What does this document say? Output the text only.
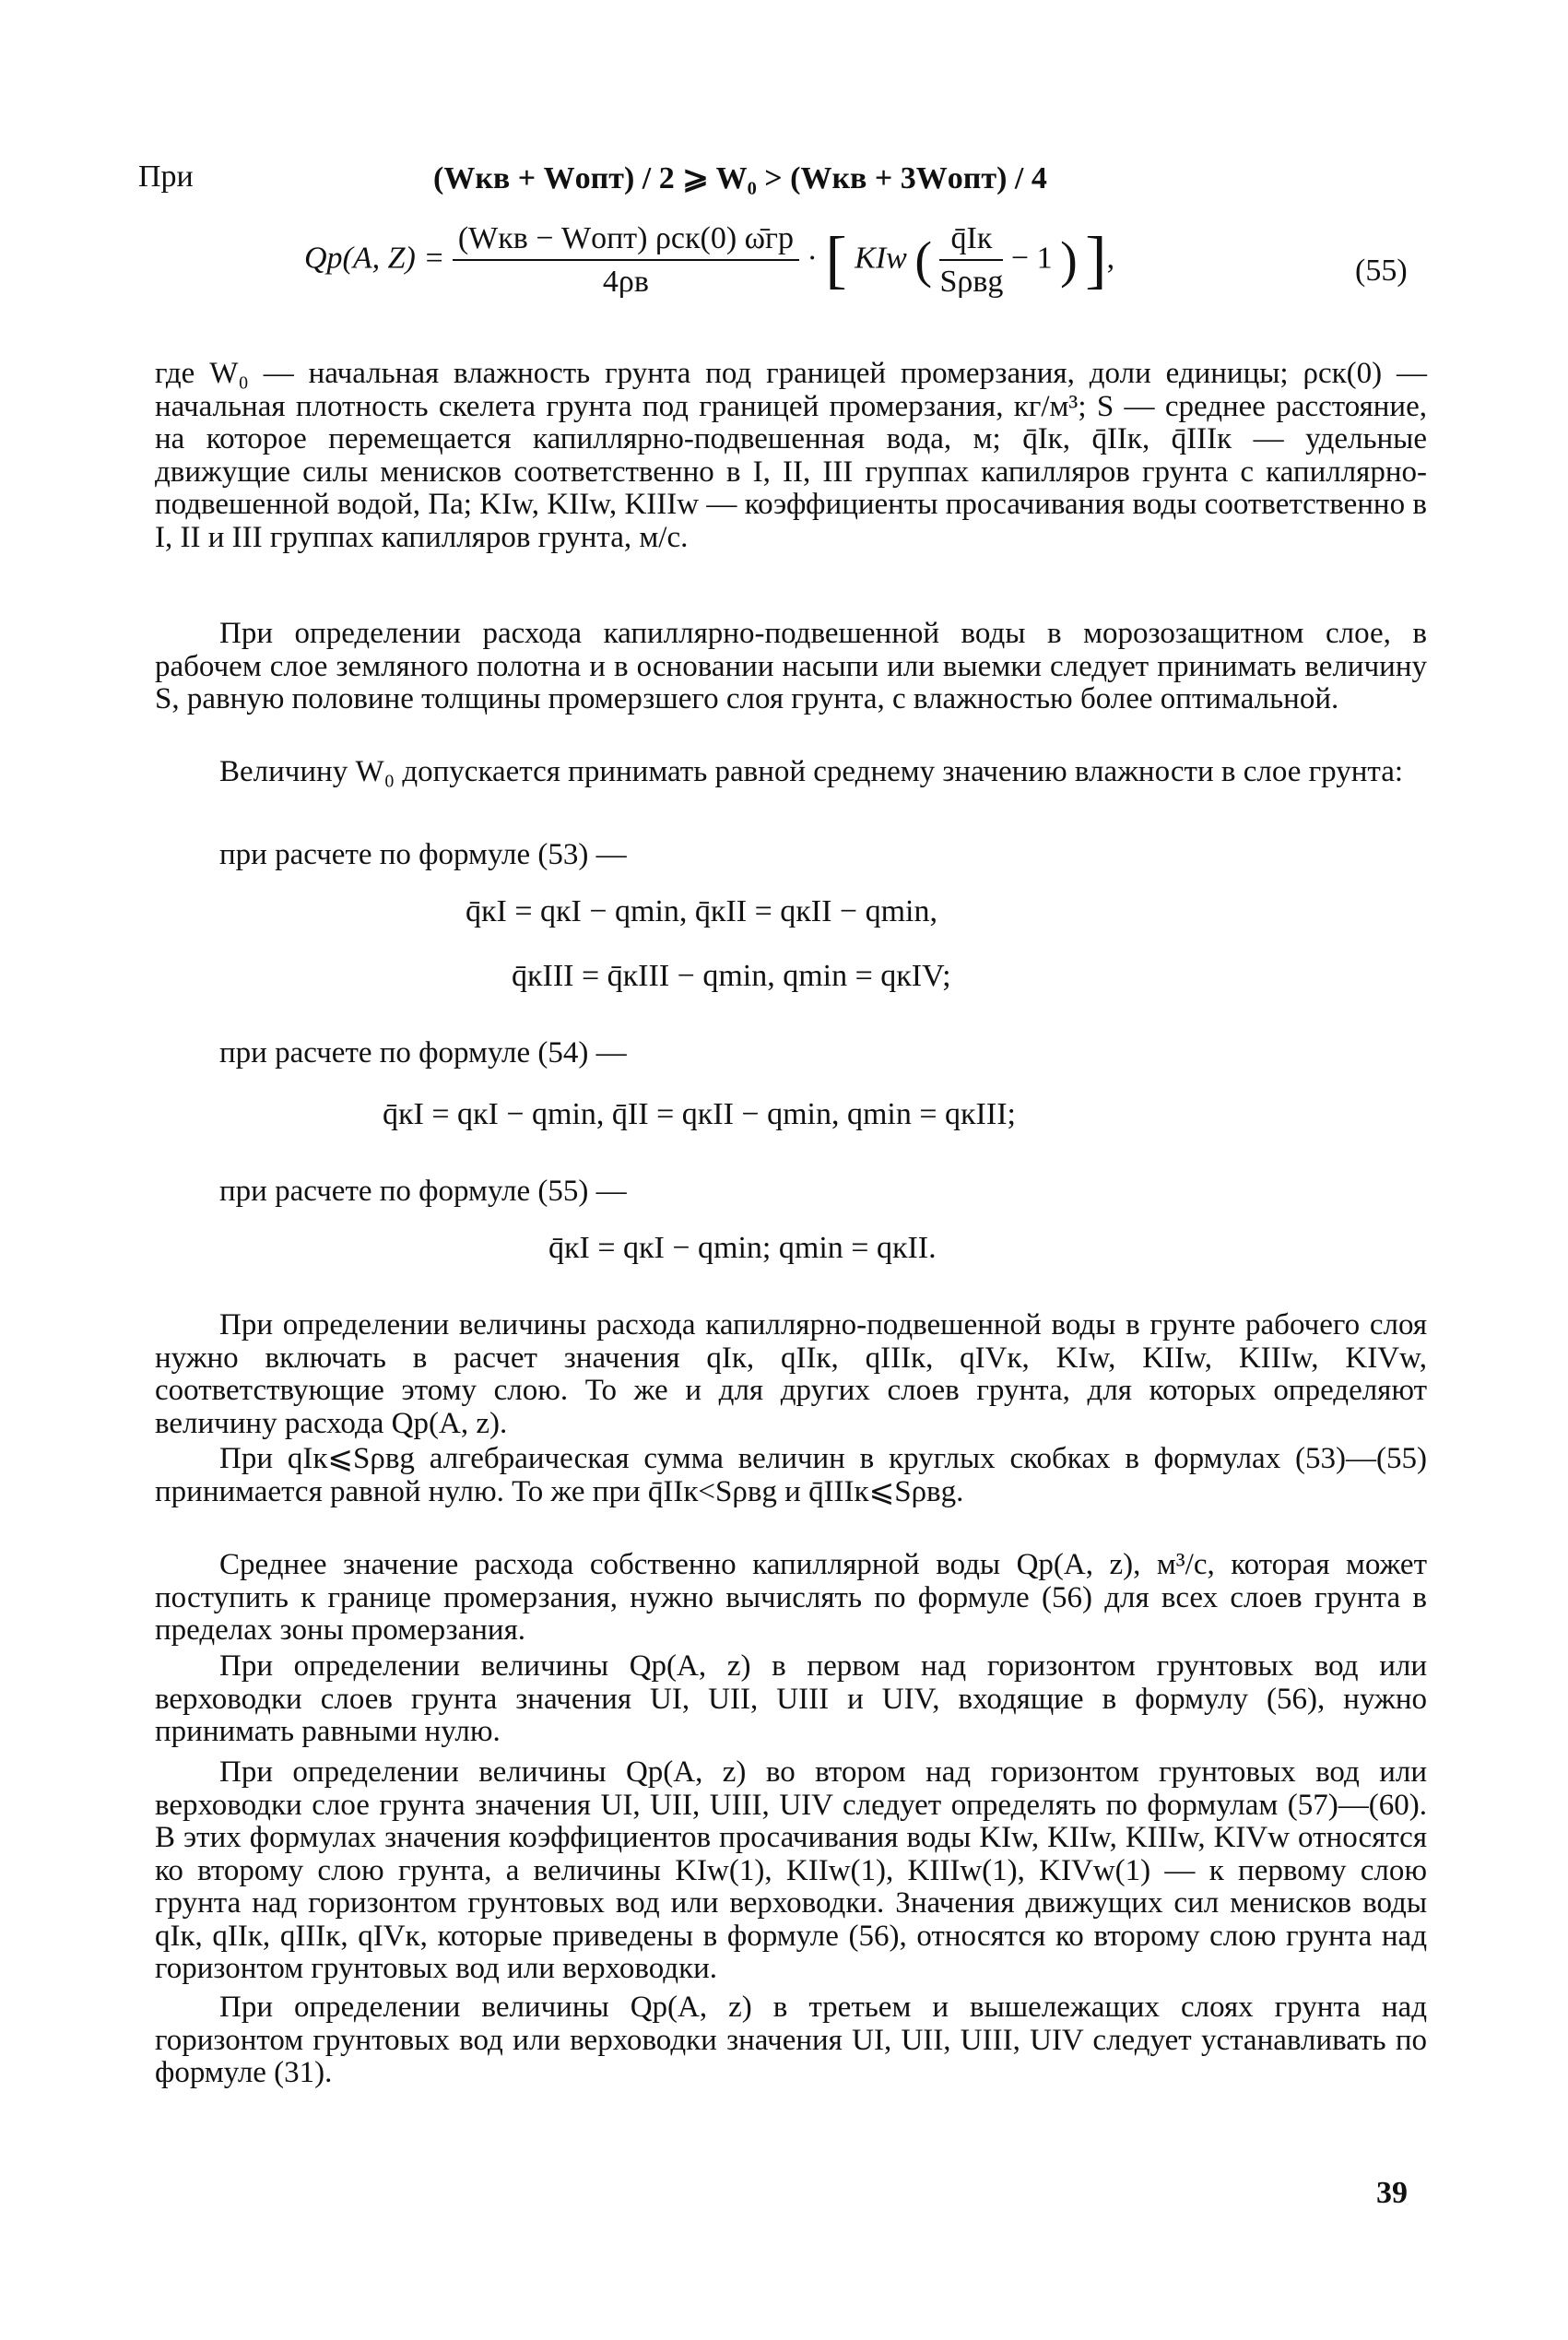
При	(Wкв + Wопт) / 2 ⩾ W₀ > (Wкв + 3Wопт) / 4
Qp(A, $Z) = \frac{\text{(Wкв − Wопт) ρск(0) ω̄гр}}{4\rho в}$ · [ KIw ( $\frac{q̄Iк}{\text{Sρвg}} - 1$ ) ],	(55)

где W₀ — начальная влажность грунта под границей промерзания, доли единицы; ρск(0) — начальная плотность скелета грунта под границей промерзания, кг/м³; S — среднее расстояние, на которое перемещается капиллярно-подвешенная вода, м; q̄Iк, q̄IIк, q̄IIIк — удельные движущие силы менисков соответственно в I, II, III группах капилляров грунта с капиллярно-подвешенной водой, Па; KIw, KIIw, KIIIw — коэффициенты просачивания воды соответственно в I, II и III группах капилляров грунта, м/с.

При определении расхода капиллярно-подвешенной воды в морозозащитном слое, в рабочем слое земляного полотна и в основании насыпи или выемки следует принимать величину S, равную половине толщины промерзшего слоя грунта, с влажностью более оптимальной.

Величину W₀ допускается принимать равной среднему значению влажности в слое грунта:

при расчете по формуле (53) —

q̄кI = qкI − qmin, q̄кII = qкII − qmin,
q̄кIII = q̄кIII − qmin, qmin = qкIV;

при расчете по формуле (54) —

q̄кI = qкI − qmin, q̄II = qкII − qmin, qmin = qкIII;

при расчете по формуле (55) —

q̄кI = qкI − qmin; qmin = qкII.

При определении величины расхода капиллярно-подвешенной воды в грунте рабочего слоя нужно включать в расчет значения qIк, qIIк, qIIIк, qIVк, KIw, KIIw, KIIIw, KIVw, соответствующие этому слою. То же и для других слоев грунта, для которых определяют величину расхода Qp(A, z).

При qIк⩽Sρвg алгебраическая сумма величин в круглых скобках в формулах (53)—(55) принимается равной нулю. То же при q̄IIк<Sρвg и q̄IIIк⩽Sρвg.

Среднее значение расхода собственно капиллярной воды Qp(A, z), м³/с, которая может поступить к границе промерзания, нужно вычислять по формуле (56) для всех слоев грунта в пределах зоны промерзания.

При определении величины Qp(A, z) в первом над горизонтом грунтовых вод или верховодки слоев грунта значения UI, UII, UIII и UIV, входящие в формулу (56), нужно принимать равными нулю.

При определении величины Qp(A, z) во втором над горизонтом грунтовых вод или верховодки слое грунта значения UI, UII, UIII, UIV следует определять по формулам (57)—(60). В этих формулах значения коэффициентов просачивания воды KIw, KIIw, KIIIw, KIVw относятся ко второму слою грунта, а величины KIw(1), KIIw(1), KIIIw(1), KIVw(1) — к первому слою грунта над горизонтом грунтовых вод или верховодки. Значения движущих сил менисков воды qIк, qIIк, qIIIк, qIVк, которые приведены в формуле (56), относятся ко второму слою грунта над горизонтом грунтовых вод или верховодки.

При определении величины Qp(A, z) в третьем и вышележащих слоях грунта над горизонтом грунтовых вод или верховодки значения UI, UII, UIII, UIV следует устанавливать по формуле (31).

39
